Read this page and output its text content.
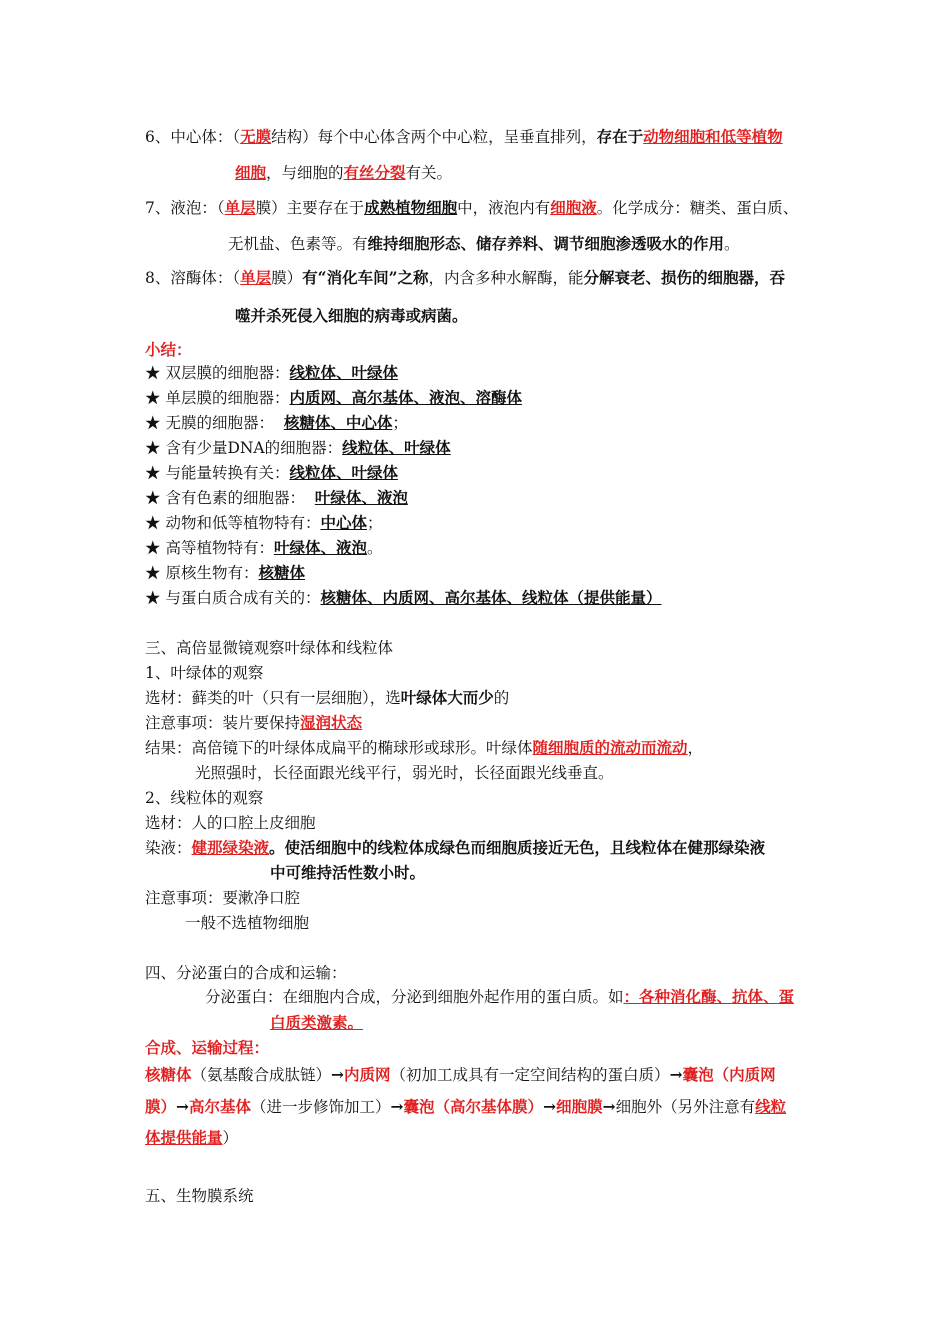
6、中心体：（无膜结构）每个中心体含两个中心粒，呈垂直排列，存在于动物细胞和低等植物
细胞，与细胞的有丝分裂有关。
7、液泡：（单层膜）主要存在于成熟植物细胞中，液泡内有细胞液。化学成分：糖类、蛋白质、
无机盐、色素等。有维持细胞形态、储存养料、调节细胞渗透吸水的作用。
8、溶酶体：（单层膜）有“消化车间”之称，内含多种水解酶，能分解衰老、损伤的细胞器，吞
噬并杀死侵入细胞的病毒或病菌。
小结：
★ 双层膜的细胞器：线粒体、叶绿体
★ 单层膜的细胞器：内质网、高尔基体、液泡、溶酶体
★ 无膜的细胞器：  核糖体、中心体；
★ 含有少量DNA的细胞器：线粒体、叶绿体
★ 与能量转换有关：线粒体、叶绿体
★ 含有色素的细胞器：  叶绿体、液泡
★ 动物和低等植物特有：中心体；
★ 高等植物特有：叶绿体、液泡。
★ 原核生物有：核糖体
★ 与蛋白质合成有关的：核糖体、内质网、高尔基体、线粒体（提供能量）
三、高倍显微镜观察叶绿体和线粒体
1、叶绿体的观察
选材：藓类的叶（只有一层细胞），选叶绿体大而少的
注意事项：装片要保持湿润状态
结果：高倍镜下的叶绿体成扁平的椭球形或球形。叶绿体随细胞质的流动而流动，
光照强时，长径面跟光线平行，弱光时，长径面跟光线垂直。
2、线粒体的观察
选材：人的口腔上皮细胞
染液：健那绿染液。使活细胞中的线粒体成绿色而细胞质接近无色，且线粒体在健那绿染液
中可维持活性数小时。
注意事项：要漱净口腔
一般不选植物细胞
四、分泌蛋白的合成和运输：
分泌蛋白：在细胞内合成，分泌到细胞外起作用的蛋白质。如：各种消化酶、抗体、蛋
白质类激素。
合成、运输过程：
核糖体（氨基酸合成肽链）→内质网（初加工成具有一定空间结构的蛋白质）→囊泡（内质网
膜）→高尔基体（进一步修饰加工）→囊泡（高尔基体膜）→细胞膜→细胞外（另外注意有线粒
体提供能量）
五、生物膜系统
